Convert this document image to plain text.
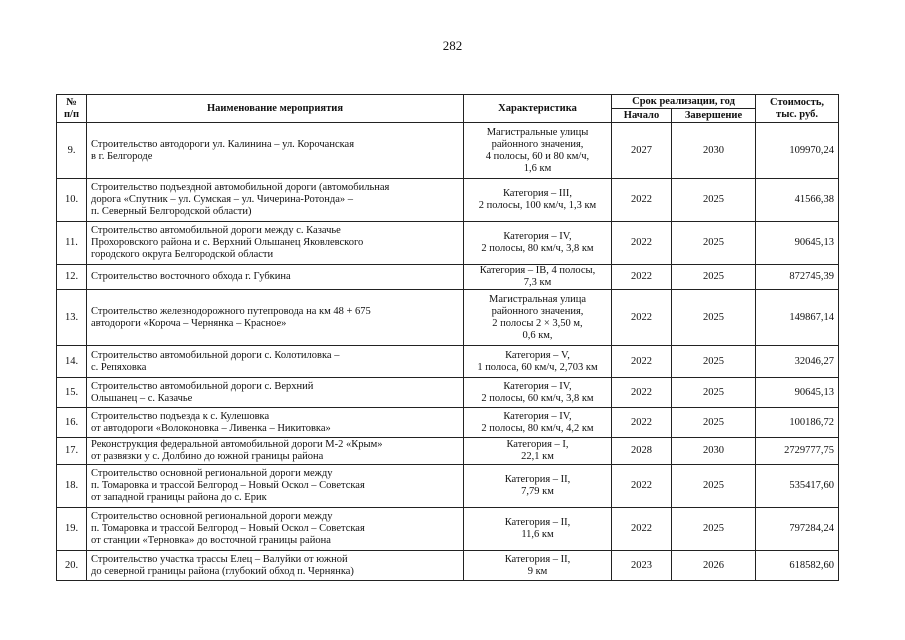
282
№
п/п	Наименование мероприятия	Характеристика	Срок реализации, год		Стоимость,
тыс. руб.
			Начало	Завершение	
9.	Строительство автодороги ул. Калинина – ул. Корочанская
в г. Белгороде	Магистральные улицы
районного значения,
4 полосы, 60 и 80 км/ч,
1,6 км	2027	2030	109970,24
10.	Строительство подъездной автомобильной дороги (автомобильная
дорога «Спутник – ул. Сумская – ул. Чичерина-Ротонда» –
п. Северный Белгородской области)	Категория – III,
2 полосы, 100 км/ч, 1,3 км	2022	2025	41566,38
11.	Строительство автомобильной дороги между с. Казачье
Прохоровского района и с. Верхний Ольшанец Яковлевского
городского округа Белгородской области	Категория – IV,
2 полосы, 80 км/ч, 3,8 км	2022	2025	90645,13
12.	Строительство восточного обхода г. Губкина	Категория – IB, 4 полосы,
7,3 км	2022	2025	872745,39
13.	Строительство железнодорожного путепровода на км 48 + 675
автодороги «Короча – Чернянка – Красное»	Магистральная улица
районного значения,
2 полосы 2 × 3,50 м,
0,6 км,	2022	2025	149867,14
14.	Строительство автомобильной дороги с. Колотиловка –
с. Репяховка	Категория – V,
1 полоса, 60 км/ч, 2,703 км	2022	2025	32046,27
15.	Строительство автомобильной дороги с. Верхний
Ольшанец – с. Казачье	Категория – IV,
2 полосы, 60 км/ч, 3,8 км	2022	2025	90645,13
16.	Строительство подъезда к с. Кулешовка
от автодороги «Волоконовка – Ливенка – Никитовка»	Категория – IV,
2 полосы, 80 км/ч, 4,2 км	2022	2025	100186,72
17.	Реконструкция федеральной автомобильной дороги М-2 «Крым»
от развязки у с. Долбино до южной границы района	Категория – I,
22,1 км	2028	2030	2729777,75
18.	Строительство основной региональной дороги между
п. Томаровка и трассой Белгород – Новый Оскол – Советская
от западной границы района до с. Ерик	Категория – II,
7,79 км	2022	2025	535417,60
19.	Строительство основной региональной дороги между
п. Томаровка и трассой Белгород – Новый Оскол – Советская
от станции «Терновка» до восточной границы района	Категория – II,
11,6 км	2022	2025	797284,24
20.	Строительство участка трассы Елец – Валуйки от южной
до северной границы района (глубокий обход п. Чернянка)	Категория – II,
9 км	2023	2026	618582,60
